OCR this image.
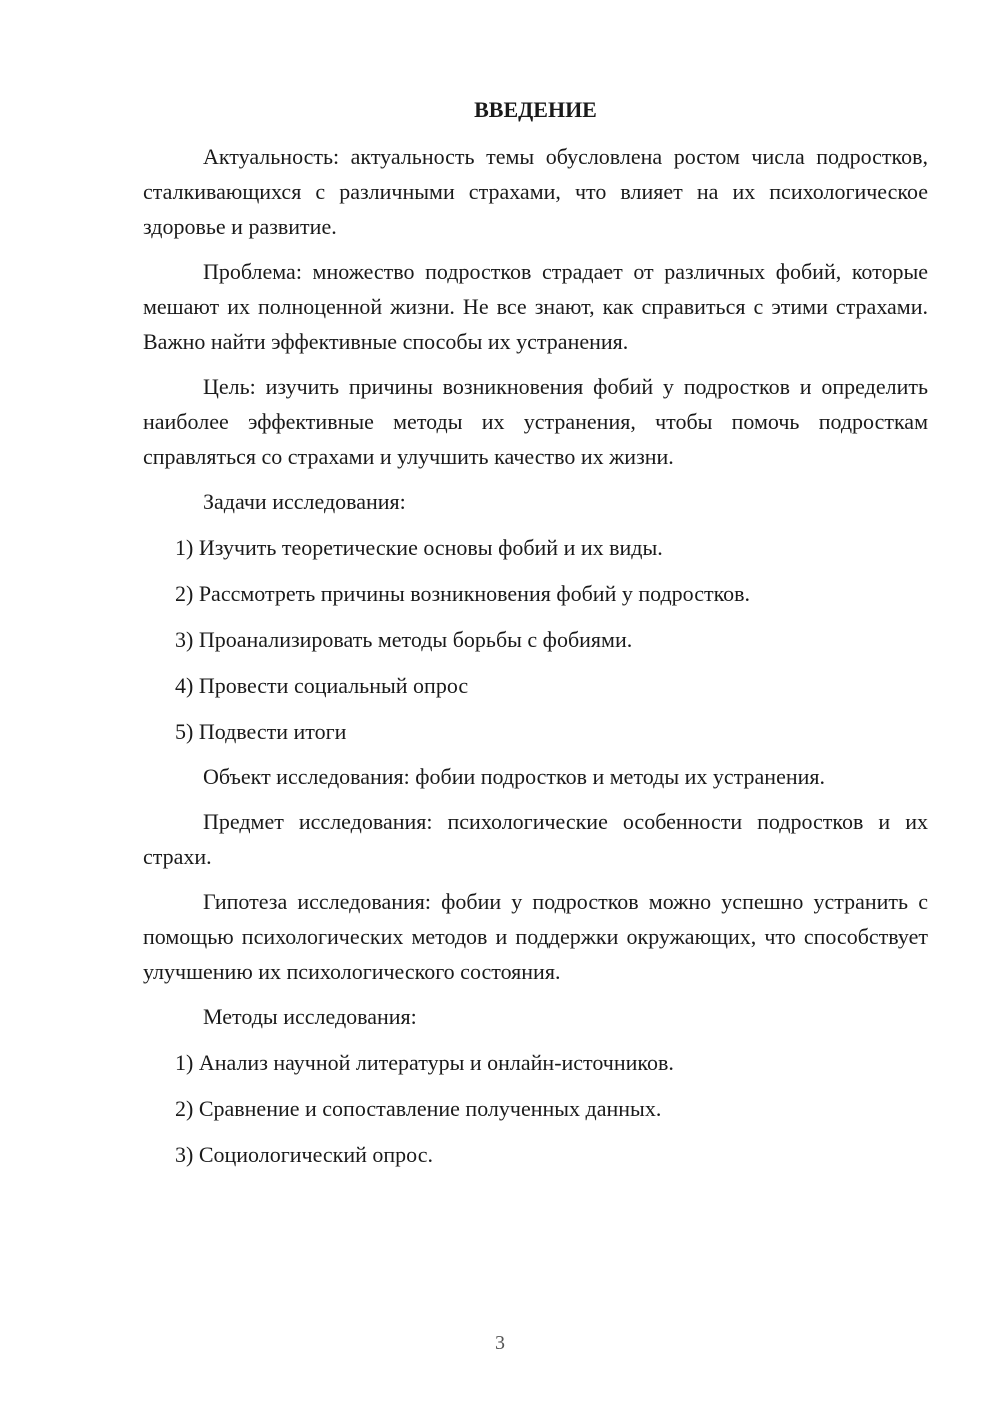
ВВЕДЕНИЕ

Актуальность: актуальность темы обусловлена ростом числа подростков, сталкивающихся с различными страхами, что влияет на их психологическое здоровье и развитие.

Проблема: множество подростков страдает от различных фобий, которые мешают их полноценной жизни. Не все знают, как справиться с этими страхами. Важно найти эффективные способы их устранения.

Цель: изучить причины возникновения фобий у подростков и определить наиболее эффективные методы их устранения, чтобы помочь подросткам справляться со страхами и улучшить качество их жизни.

Задачи исследования:

1) Изучить теоретические основы фобий и их виды.

2) Рассмотреть причины возникновения фобий у подростков.

3) Проанализировать методы борьбы с фобиями.

4) Провести социальный опрос

5) Подвести итоги

Объект исследования: фобии подростков и методы их устранения.

Предмет исследования: психологические особенности подростков и их страхи.

Гипотеза исследования: фобии у подростков можно успешно устранить с помощью психологических методов и поддержки окружающих, что способствует улучшению их психологического состояния.

Методы исследования:

1) Анализ научной литературы и онлайн-источников.

2) Сравнение и сопоставление полученных данных.

3) Социологический опрос.

3
